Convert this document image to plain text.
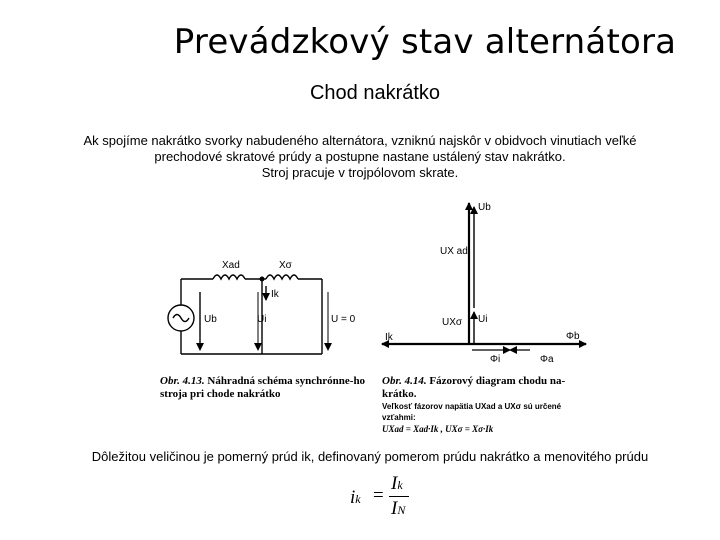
Prevádzkový stav alternátora
Chod nakrátko
Ak spojíme nakrátko svorky nabudeného alternátora, vzniknú najskôr v obidvoch vinutiach veľké
prechodové skratové prúdy a postupne nastane ustálený stav nakrátko.
Stroj pracuje v trojpólovom skrate.
Xad	Xσ
Ik
Ub	Ui	U = 0
Ub
UX ad
UXσ Ui
Ik	Φb
Φi	Φa
Obr. 4.13. Náhradná schéma synchrónne-ho stroja pri chode nakrátko
Obr. 4.14. Fázorový diagram chodu na-krátko.
Veľkosť fázorov napätia UXad a UXσ sú určené vzťahmi:
UXad = Xad·Ik , UXσ = Xσ·Ik
Dôležitou veličinou je pomerný prúd ik, definovaný pomerom prúdu nakrátko a menovitého prúdu
ik =
Ik
IN
